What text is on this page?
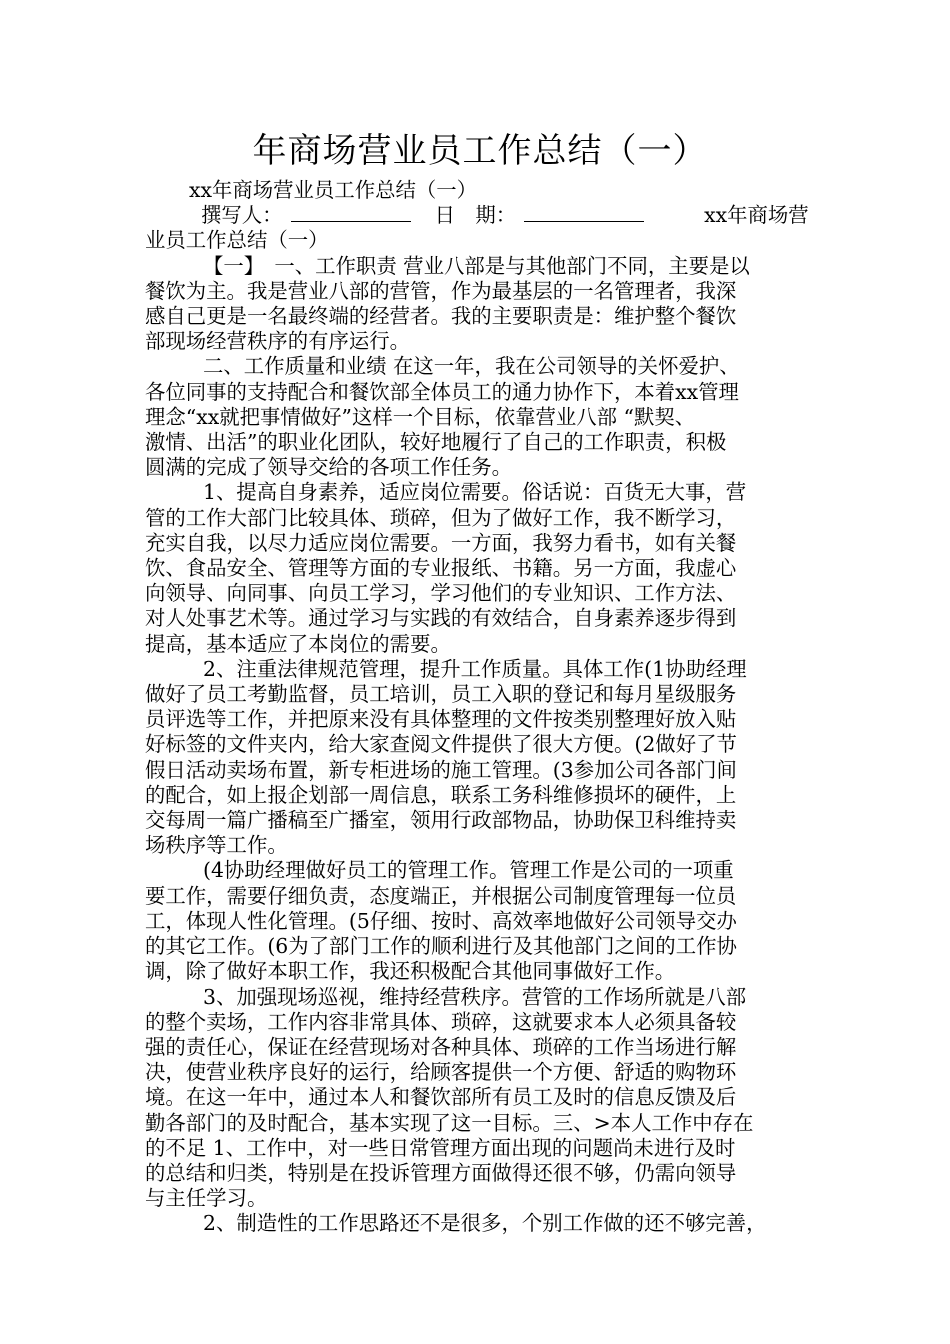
年商场营业员工作总结（一）
xx年商场营业员工作总结（一）
撰写人：	日　期：	xx年商场营
业员工作总结（一）
【一】　一、工作职责 营业八部是与其他部门不同，主要是以
餐饮为主。我是营业八部的营管，作为最基层的一名管理者，我深
感自己更是一名最终端的经营者。我的主要职责是：维护整个餐饮
部现场经营秩序的有序运行。
二、工作质量和业绩 在这一年，我在公司领导的关怀爱护、
各位同事的支持配合和餐饮部全体员工的通力协作下，本着xx管理
理念“xx就把事情做好”这样一个目标，依靠营业八部 “默契、
激情、出活”的职业化团队，较好地履行了自己的工作职责，积极
圆满的完成了领导交给的各项工作任务。
1、提高自身素养，适应岗位需要。俗话说：百货无大事，营
管的工作大部门比较具体、琐碎，但为了做好工作，我不断学习，
充实自我，以尽力适应岗位需要。一方面，我努力看书，如有关餐
饮、食品安全、管理等方面的专业报纸、书籍。另一方面，我虚心
向领导、向同事、向员工学习，学习他们的专业知识、工作方法、
对人处事艺术等。通过学习与实践的有效结合，自身素养逐步得到
提高，基本适应了本岗位的需要。
2、注重法律规范管理，提升工作质量。具体工作(1协助经理
做好了员工考勤监督，员工培训，员工入职的登记和每月星级服务
员评选等工作，并把原来没有具体整理的文件按类别整理好放入贴
好标签的文件夹内，给大家查阅文件提供了很大方便。(2做好了节
假日活动卖场布置，新专柜进场的施工管理。(3参加公司各部门间
的配合，如上报企划部一周信息，联系工务科维修损坏的硬件，上
交每周一篇广播稿至广播室，领用行政部物品，协助保卫科维持卖
场秩序等工作。
(4协助经理做好员工的管理工作。管理工作是公司的一项重
要工作，需要仔细负责，态度端正，并根据公司制度管理每一位员
工，体现人性化管理。(5仔细、按时、高效率地做好公司领导交办
的其它工作。(6为了部门工作的顺利进行及其他部门之间的工作协
调，除了做好本职工作，我还积极配合其他同事做好工作。
3、加强现场巡视，维持经营秩序。营管的工作场所就是八部
的整个卖场，工作内容非常具体、琐碎，这就要求本人必须具备较
强的责任心，保证在经营现场对各种具体、琐碎的工作当场进行解
决，使营业秩序良好的运行，给顾客提供一个方便、舒适的购物环
境。在这一年中，通过本人和餐饮部所有员工及时的信息反馈及后
勤各部门的及时配合，基本实现了这一目标。三、>本人工作中存在
的不足 1、工作中，对一些日常管理方面出现的问题尚未进行及时
的总结和归类，特别是在投诉管理方面做得还很不够，仍需向领导
与主任学习。
2、制造性的工作思路还不是很多，个别工作做的还不够完善，
